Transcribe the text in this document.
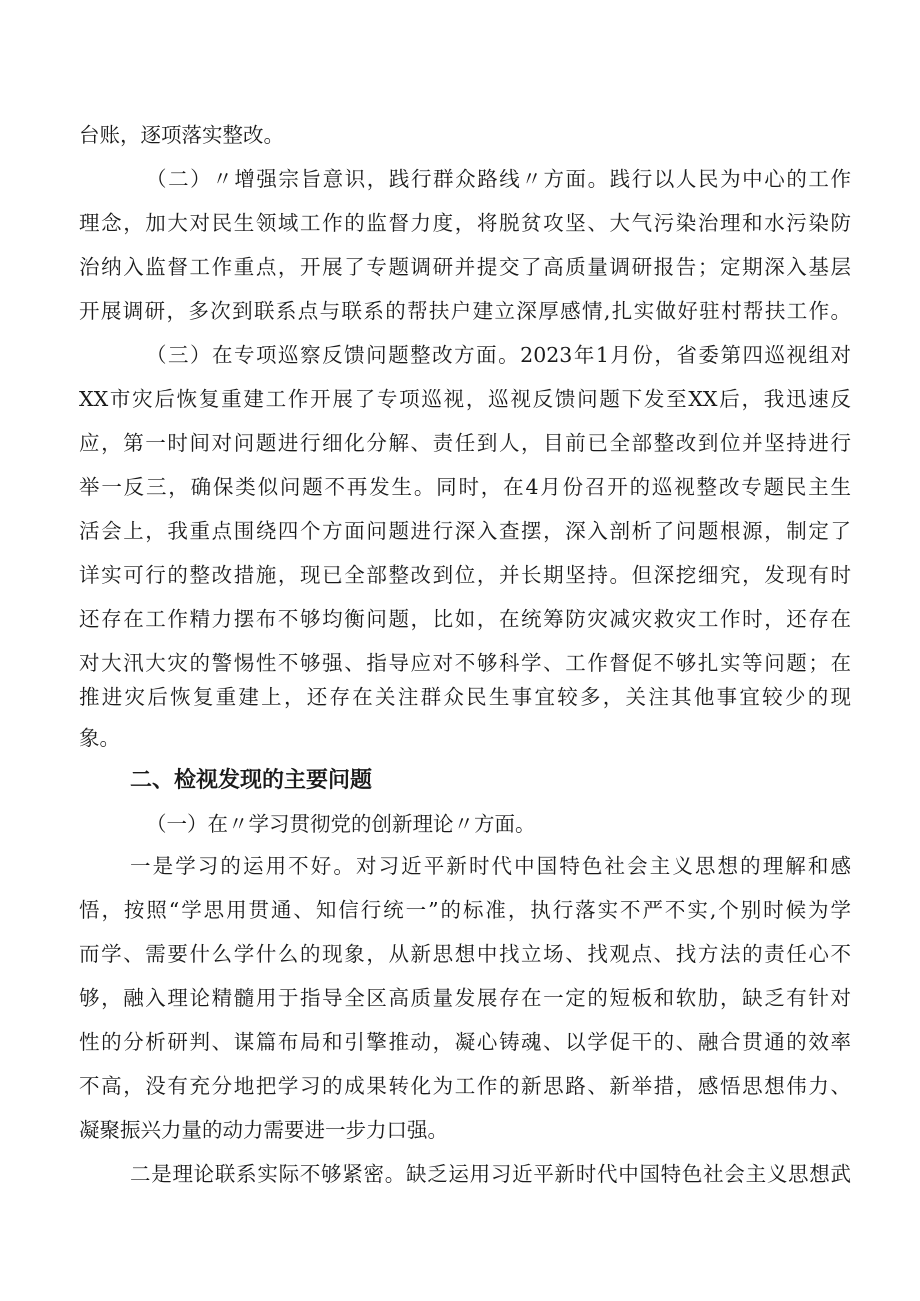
台账，逐项落实整改。
（二）〃增强宗旨意识，践行群众路线〃方面。践行以人民为中心的工作
理念，加大对民生领域工作的监督力度，将脱贫攻坚、大气污染治理和水污染防
治纳入监督工作重点，开展了专题调研并提交了高质量调研报告；定期深入基层
开展调研，多次到联系点与联系的帮扶户建立深厚感情,扎实做好驻村帮扶工作。
（三）在专项巡察反馈问题整改方面。2023年1月份，省委第四巡视组对
XX市灾后恢复重建工作开展了专项巡视，巡视反馈问题下发至XX后，我迅速反
应，第一时间对问题进行细化分解、责任到人，目前已全部整改到位并坚持进行
举一反三，确保类似问题不再发生。同时，在4月份召开的巡视整改专题民主生
活会上，我重点围绕四个方面问题进行深入查摆，深入剖析了问题根源，制定了
详实可行的整改措施，现已全部整改到位，并长期坚持。但深挖细究，发现有时
还存在工作精力摆布不够均衡问题，比如，在统筹防灾减灾救灾工作时，还存在
对大汛大灾的警惕性不够强、指导应对不够科学、工作督促不够扎实等问题；在
推进灾后恢复重建上，还存在关注群众民生事宜较多，关注其他事宜较少的现
象。
二、检视发现的主要问题
（一）在〃学习贯彻党的创新理论〃方面。
一是学习的运用不好。对习近平新时代中国特色社会主义思想的理解和感
悟，按照“学思用贯通、知信行统一”的标准，执行落实不严不实,个别时候为学
而学、需要什么学什么的现象，从新思想中找立场、找观点、找方法的责任心不
够，融入理论精髓用于指导全区高质量发展存在一定的短板和软肋，缺乏有针对
性的分析研判、谋篇布局和引擎推动，凝心铸魂、以学促干的、融合贯通的效率
不高，没有充分地把学习的成果转化为工作的新思路、新举措，感悟思想伟力、
凝聚振兴力量的动力需要进一步力口强。
二是理论联系实际不够紧密。缺乏运用习近平新时代中国特色社会主义思想武
